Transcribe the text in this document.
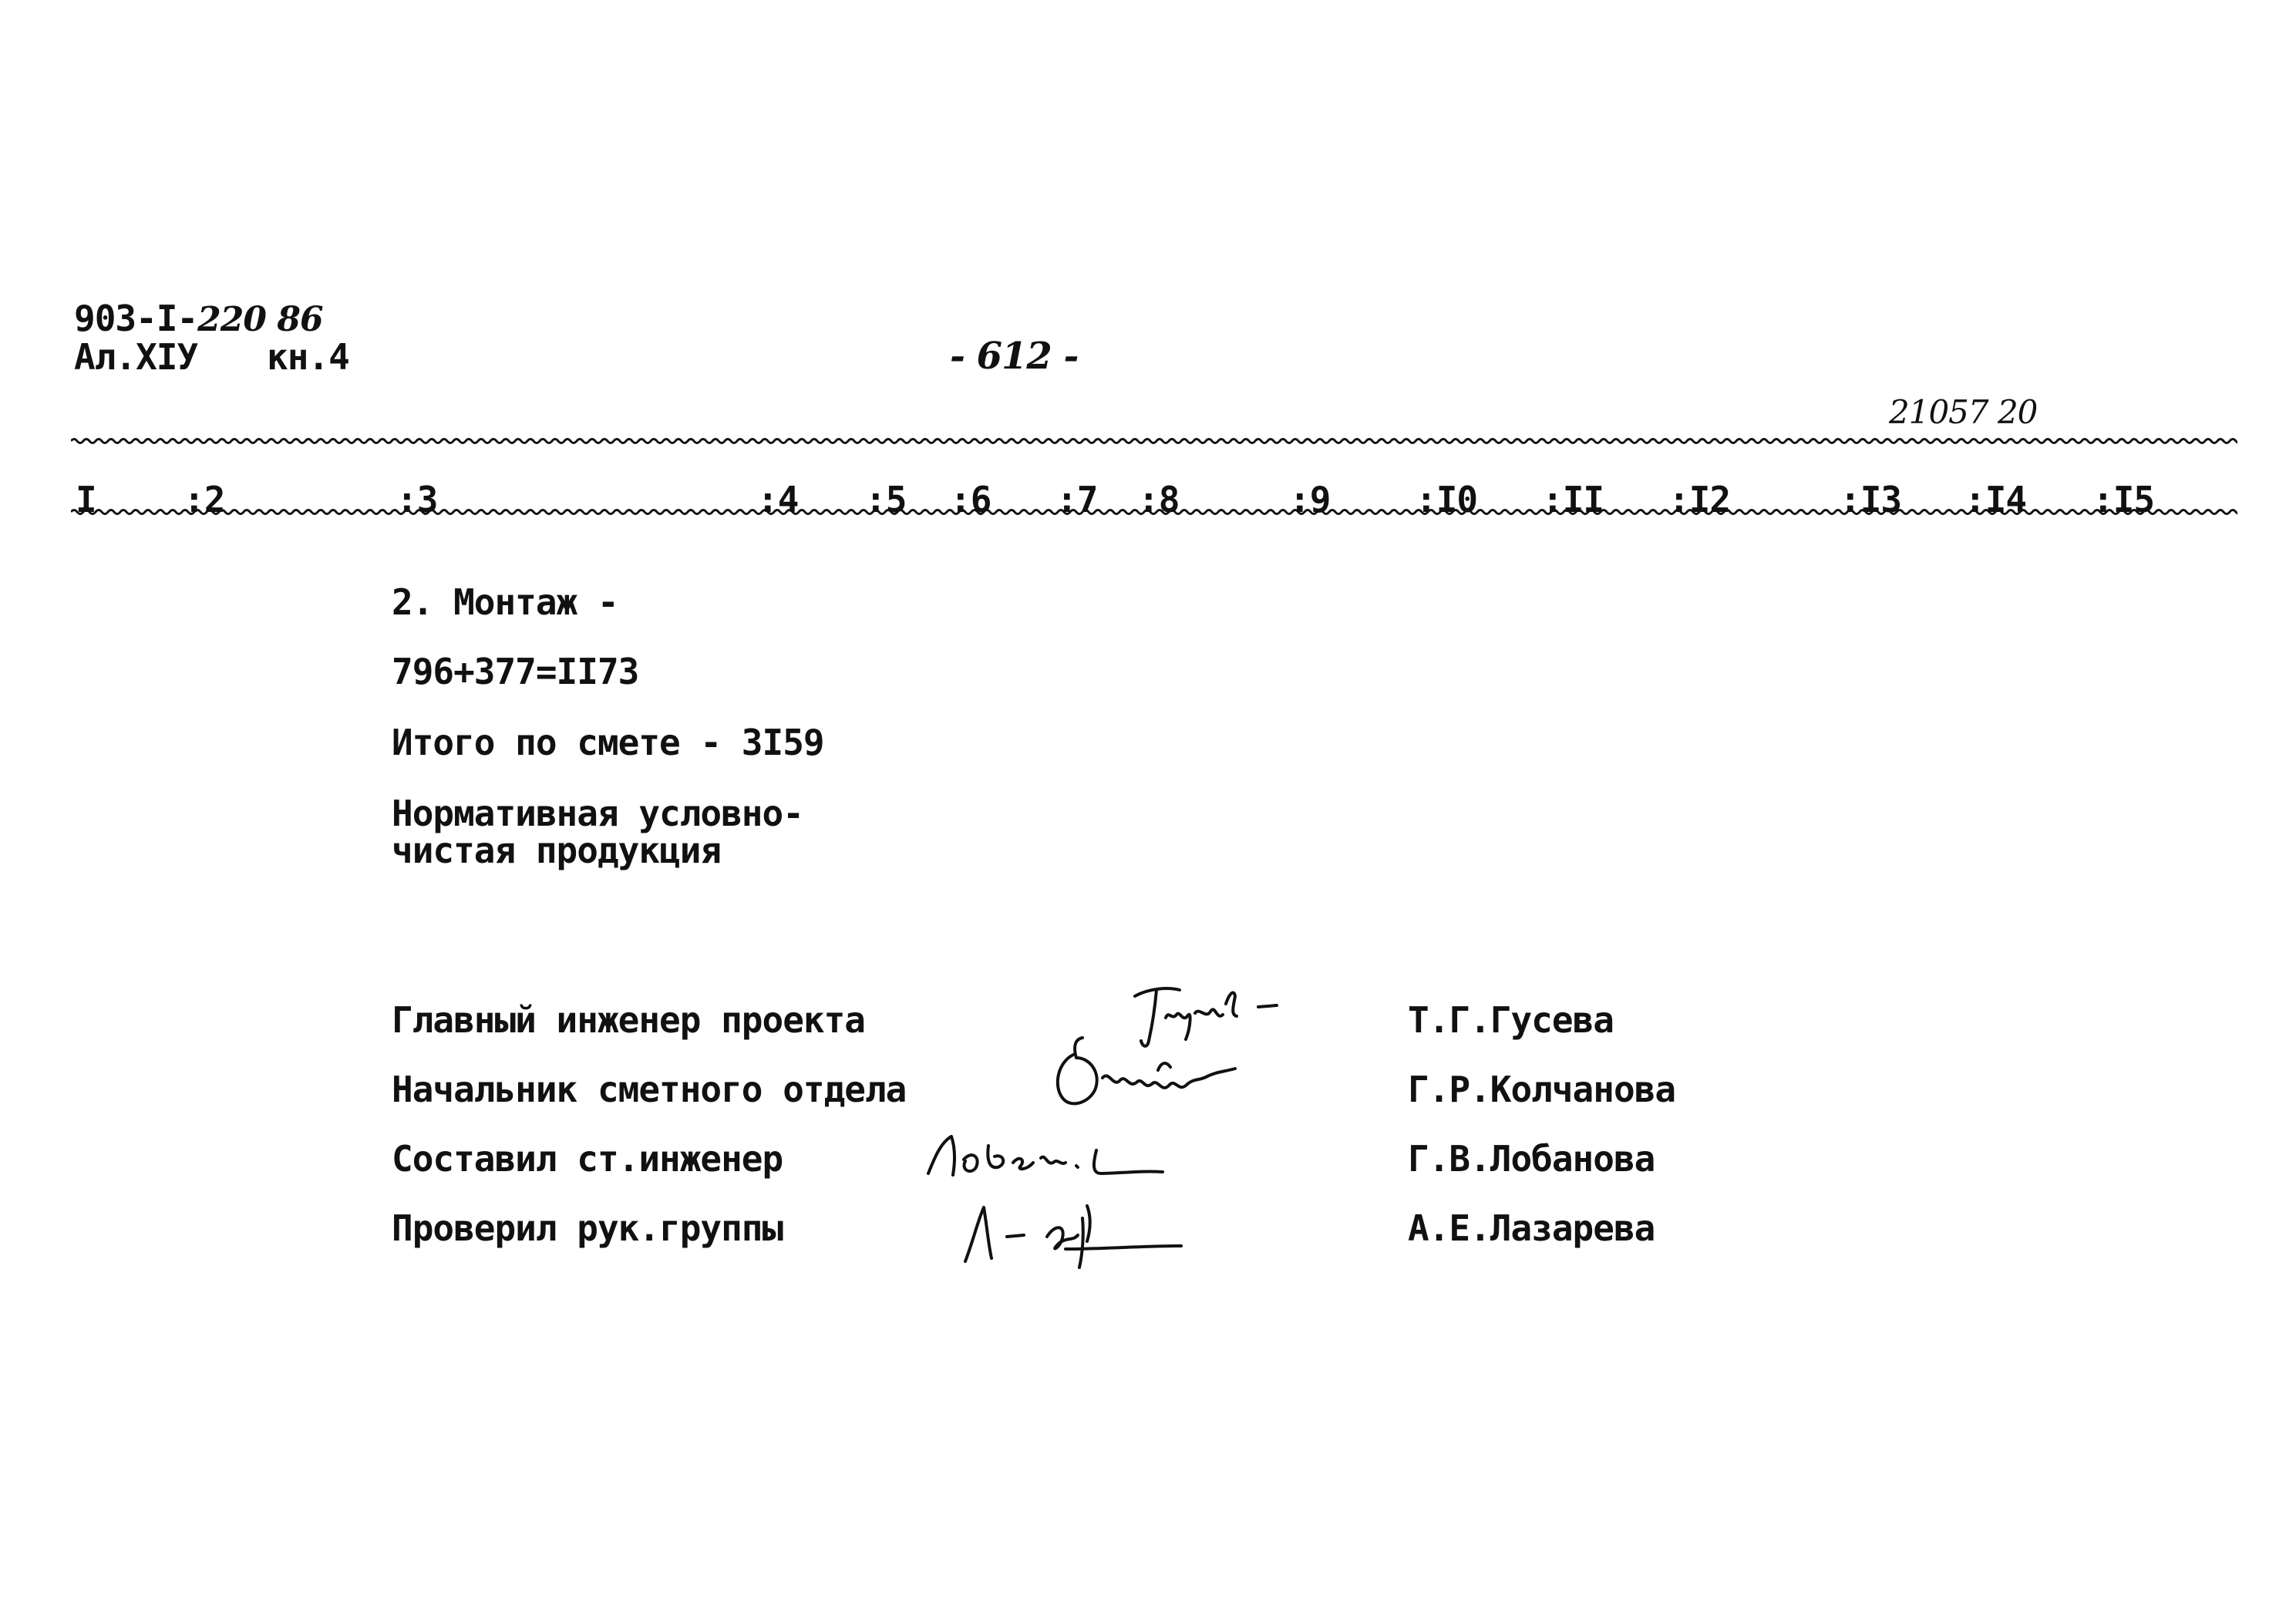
903-I-220 86
Ал.XIУ кн.4	- 612 -
21057 20
I :2	:3	:4 :5 :6 :7 :8	:9 :I0 :II :I2	:I3 :I4 :I5
2. Монтаж -
796+377=II73
Итого по смете - 3I59
Нормативная условно-
чистая продукция
Главный инженер проекта
Начальник сметного отдела
Составил ст.инженер
Проверил рук.группы
Т.Г.Гусева
Г.Р.Колчанова
Г.В.Лобанова
А.Е.Лазарева
